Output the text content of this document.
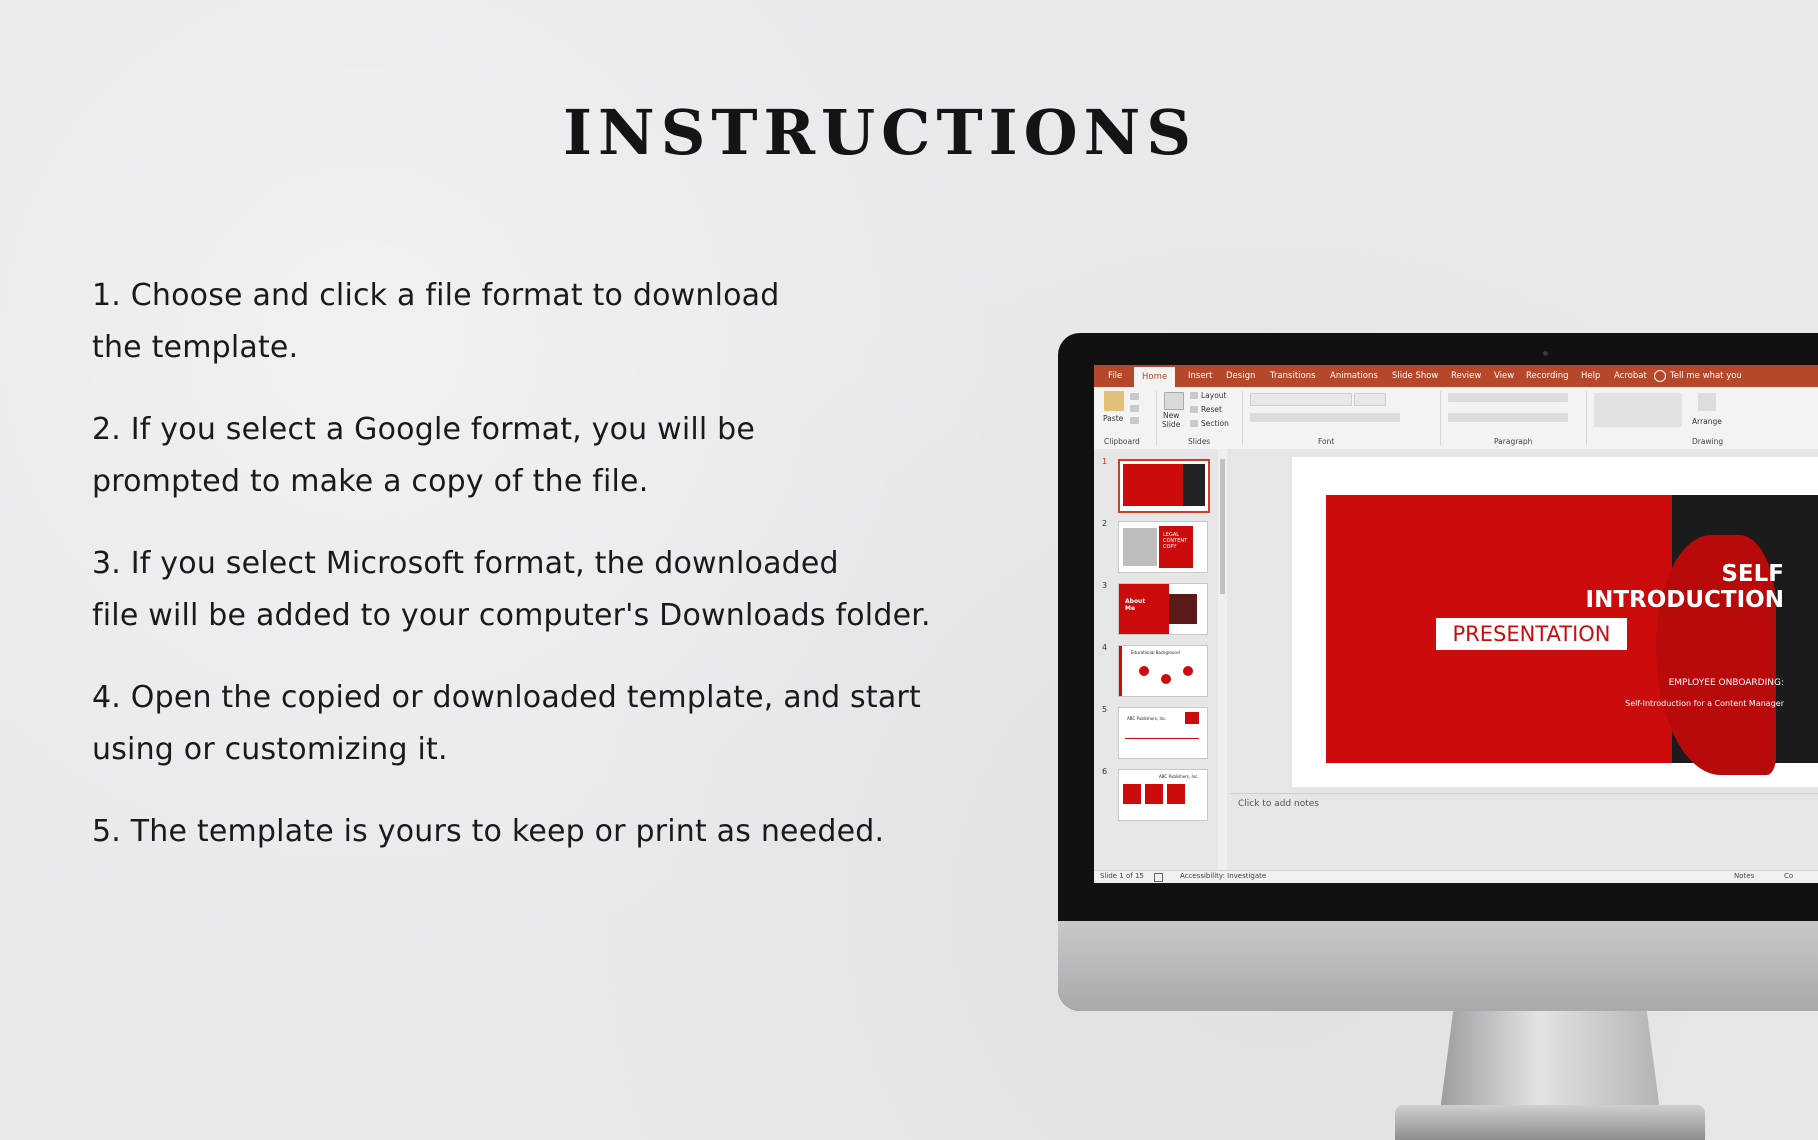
INSTRUCTIONS
1. Choose and click a file format to download
the template.
2. If you select a Google format, you will be
prompted to make a copy of the file.
3. If you select Microsoft format, the downloaded
file will be added to your computer's Downloads folder.
4. Open the copied or downloaded template, and start
using or customizing it.
5. The template is yours to keep or print as needed.
File	Home	Insert Design Transitions Animations Slide Show Review View Recording Help Acrobat	Tell me what you
Paste	New
Slide
Layout
Reset
Section	Arrange
Clipboard	Slides	Font	Paragraph	Drawing
1
2
LEGAL
CONTENT
COPY
3
About
Me
4
Educational Background
5
ABC Publishers, Inc.
6
ABC Publishers, Inc.
SELF
INTRODUCTION
PRESENTATION
EMPLOYEE ONBOARDING:
Self-Introduction for a Content Manager
Click to add notes
Slide 1 of 15	Accessibility: Investigate	Notes	Co
